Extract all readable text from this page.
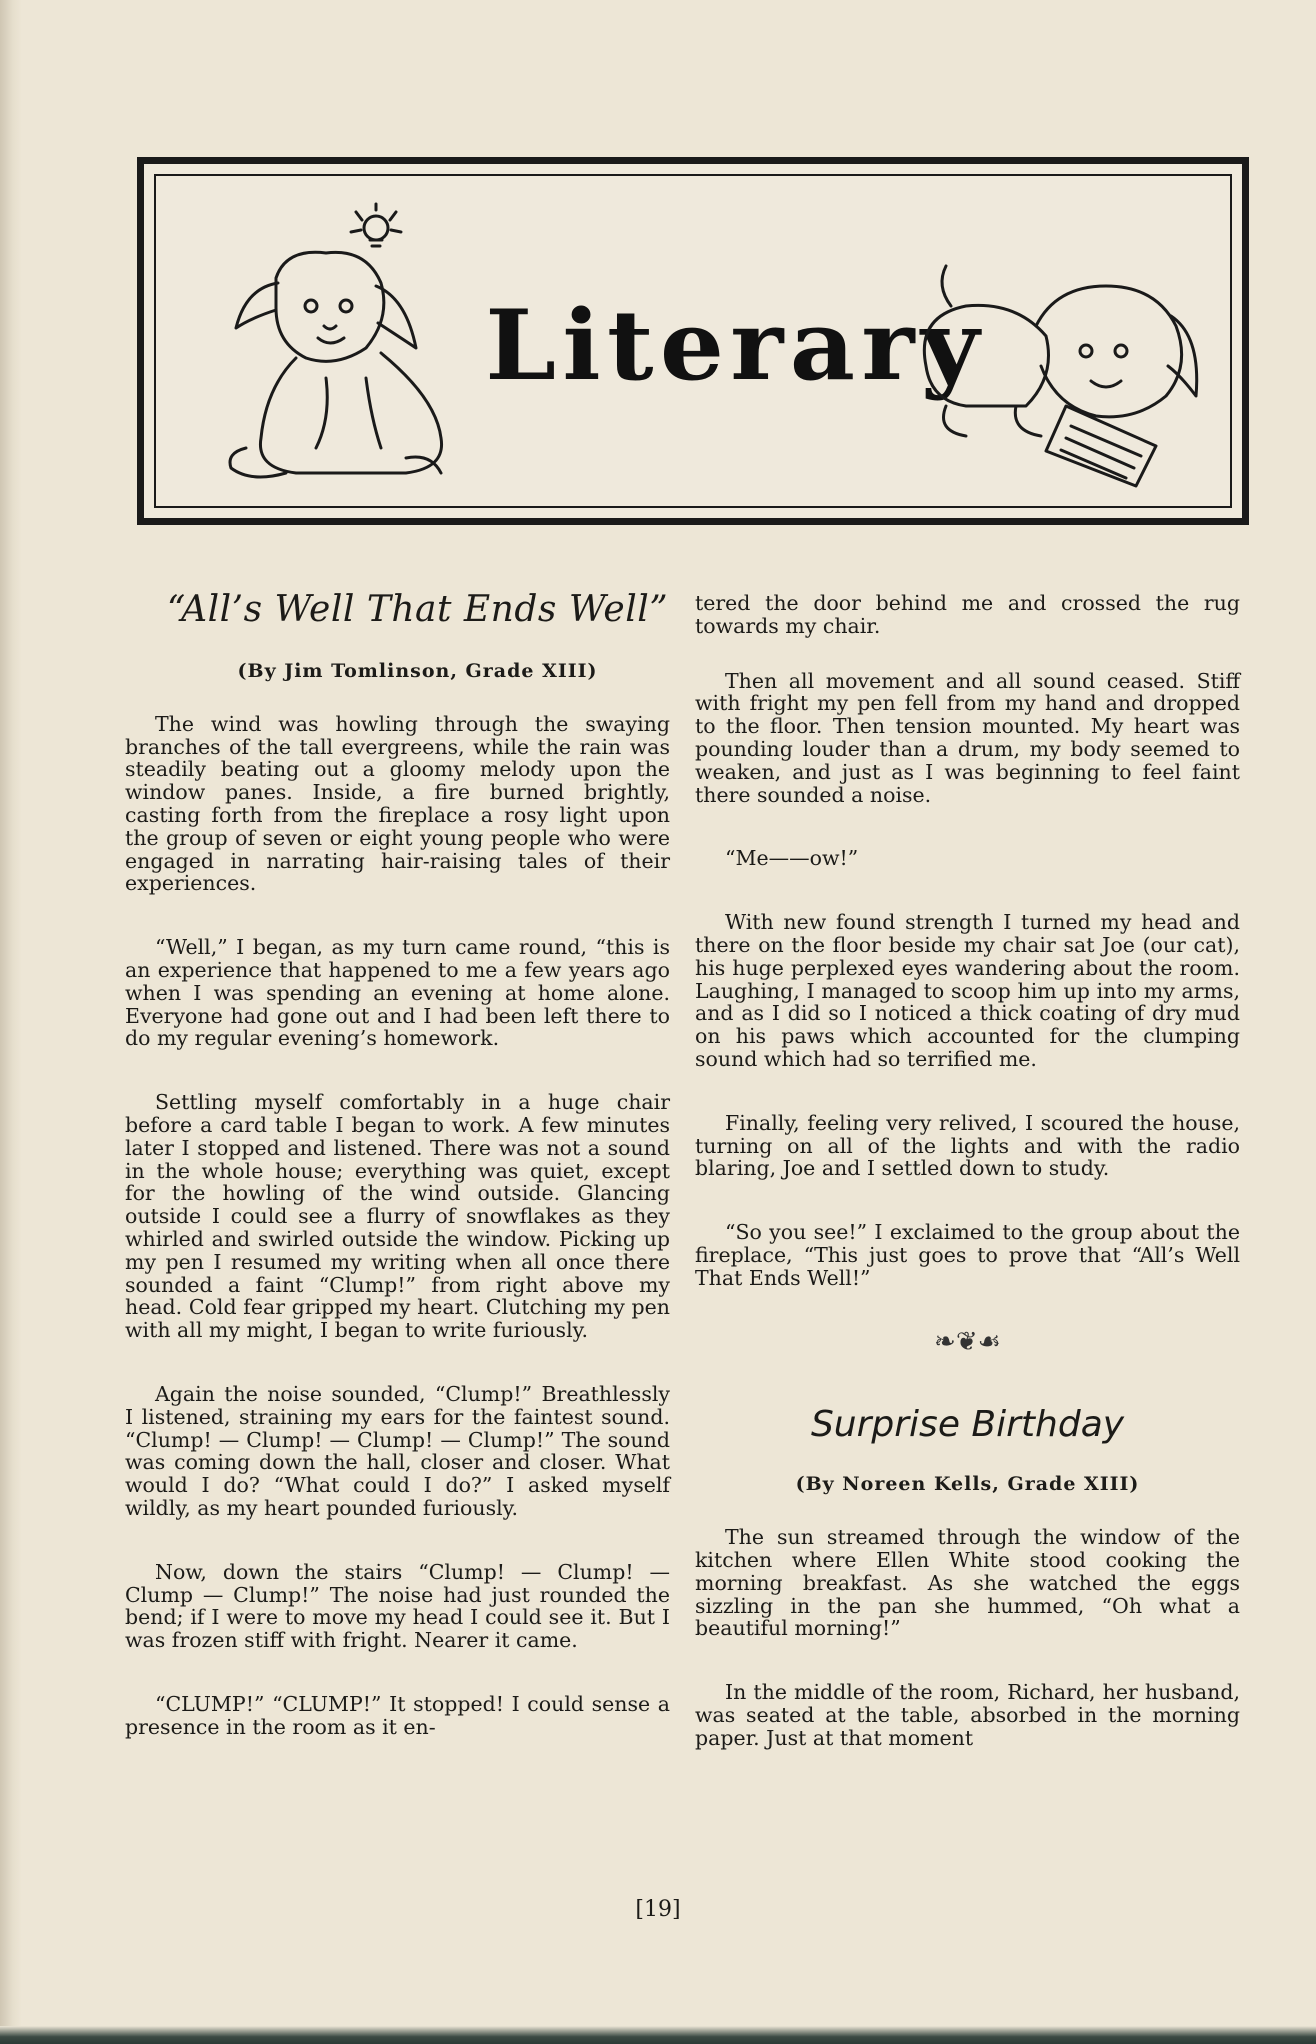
Literary
“All’s Well That Ends Well”
(By Jim Tomlinson, Grade XIII)

The wind was howling through the swaying branches of the tall evergreens, while the rain was steadily beating out a gloomy melody upon the window panes. Inside, a fire burned brightly, casting forth from the fireplace a rosy light upon the group of seven or eight young people who were engaged in narrating hair-raising tales of their experiences.

“Well,” I began, as my turn came round, “this is an experience that happened to me a few years ago when I was spending an evening at home alone. Everyone had gone out and I had been left there to do my regular evening’s homework.

Settling myself comfortably in a huge chair before a card table I began to work. A few minutes later I stopped and listened. There was not a sound in the whole house; everything was quiet, except for the howling of the wind outside. Glancing outside I could see a flurry of snowflakes as they whirled and swirled outside the window. Picking up my pen I resumed my writing when all once there sounded a faint “Clump!” from right above my head. Cold fear gripped my heart. Clutching my pen with all my might, I began to write furiously.

Again the noise sounded, “Clump!” Breathlessly I listened, straining my ears for the faintest sound. “Clump! — Clump! — Clump! — Clump!” The sound was coming down the hall, closer and closer. What would I do? “What could I do?” I asked myself wildly, as my heart pounded furiously.

Now, down the stairs “Clump! — Clump! — Clump — Clump!” The noise had just rounded the bend; if I were to move my head I could see it. But I was frozen stiff with fright. Nearer it came.

“CLUMP!” “CLUMP!” It stopped! I could sense a presence in the room as it en-

tered the door behind me and crossed the rug towards my chair.

Then all movement and all sound ceased. Stiff with fright my pen fell from my hand and dropped to the floor. Then tension mounted. My heart was pounding louder than a drum, my body seemed to weaken, and just as I was beginning to feel faint there sounded a noise.

“Me——ow!”

With new found strength I turned my head and there on the floor beside my chair sat Joe (our cat), his huge perplexed eyes wandering about the room. Laughing, I managed to scoop him up into my arms, and as I did so I noticed a thick coating of dry mud on his paws which accounted for the clumping sound which had so terrified me.

Finally, feeling very relived, I scoured the house, turning on all of the lights and with the radio blaring, Joe and I settled down to study.

“So you see!” I exclaimed to the group about the fireplace, “This just goes to prove that “All’s Well That Ends Well!”

❧❦☙
Surprise Birthday
(By Noreen Kells, Grade XIII)

The sun streamed through the window of the kitchen where Ellen White stood cooking the morning breakfast. As she watched the eggs sizzling in the pan she hummed, “Oh what a beautiful morning!”

In the middle of the room, Richard, her husband, was seated at the table, absorbed in the morning paper. Just at that moment

[19]
